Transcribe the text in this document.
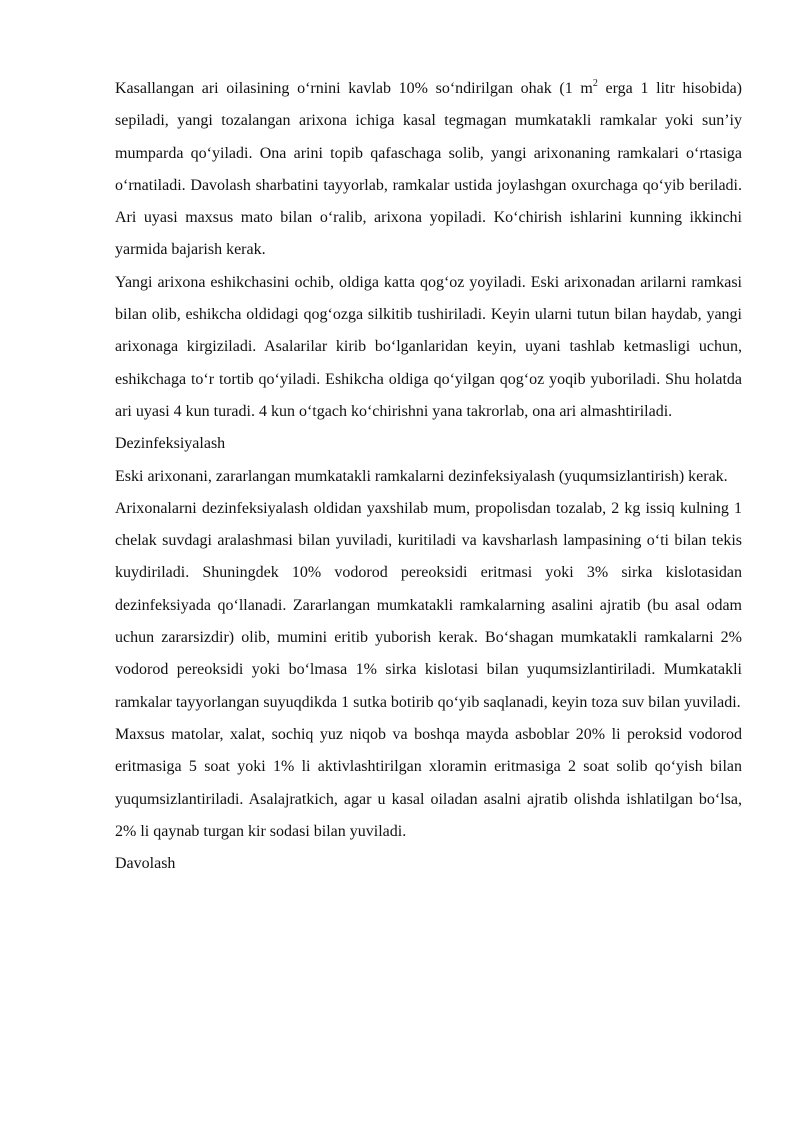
Kasallangan ari oilasining o‘rnini kavlab 10% so‘ndirilgan ohak (1 $m^2$ erga 1 litr hisobida) sepiladi, yangi tozalangan arixona ichiga kasal tegmagan mumkatakli ramkalar yoki sun’iy mumparda qo‘yiladi. Ona arini topib qafaschaga solib, yangi arixonaning ramkalari o‘rtasiga o‘rnatiladi. Davolash sharbatini tayyorlab, ramkalar ustida joylashgan oxurchaga qo‘yib beriladi. Ari uyasi maxsus mato bilan o‘ralib, arixona yopiladi. Ko‘chirish ishlarini kunning ikkinchi yarmida bajarish kerak.

Yangi arixona eshikchasini ochib, oldiga katta qog‘oz yoyiladi. Eski arixonadan arilarni ramkasi bilan olib, eshikcha oldidagi qog‘ozga silkitib tushiriladi. Keyin ularni tutun bilan haydab, yangi arixonaga kirgiziladi. Asalarilar kirib bo‘lganlaridan keyin, uyani tashlab ketmasligi uchun, eshikchaga to‘r tortib qo‘yiladi. Eshikcha oldiga qo‘yilgan qog‘oz yoqib yuboriladi. Shu holatda ari uyasi 4 kun turadi. 4 kun o‘tgach ko‘chirishni yana takrorlab, ona ari almashtiriladi.

Dezinfeksiyalash

Eski arixonani, zararlangan mumkatakli ramkalarni dezinfeksiyalash (yuqumsizlantirish) kerak.

Arixonalarni dezinfeksiyalash oldidan yaxshilab mum, propolisdan tozalab, 2 kg issiq kulning 1 chelak suvdagi aralashmasi bilan yuviladi, kuritiladi va kavsharlash lampasining o‘ti bilan tekis kuydiriladi. Shuningdek 10% vodorod pereoksidi eritmasi yoki 3% sirka kislotasidan dezinfeksiyada qo‘llanadi. Zararlangan mumkatakli ramkalarning asalini ajratib (bu asal odam uchun zararsizdir) olib, mumini eritib yuborish kerak. Bo‘shagan mumkatakli ramkalarni 2% vodorod pereoksidi yoki bo‘lmasa 1% sirka kislotasi bilan yuqumsizlantiriladi. Mumkatakli ramkalar tayyorlangan suyuqdikda 1 sutka botirib qo‘yib saqlanadi, keyin toza suv bilan yuviladi.

Maxsus matolar, xalat, sochiq yuz niqob va boshqa mayda asboblar 20% li peroksid vodorod eritmasiga 5 soat yoki 1% li aktivlashtirilgan xloramin eritmasiga 2 soat solib qo‘yish bilan yuqumsizlantiriladi. Asalajratkich, agar u kasal oiladan asalni ajratib olishda ishlatilgan bo‘lsa, 2% li qaynab turgan kir sodasi bilan yuviladi.

Davolash
